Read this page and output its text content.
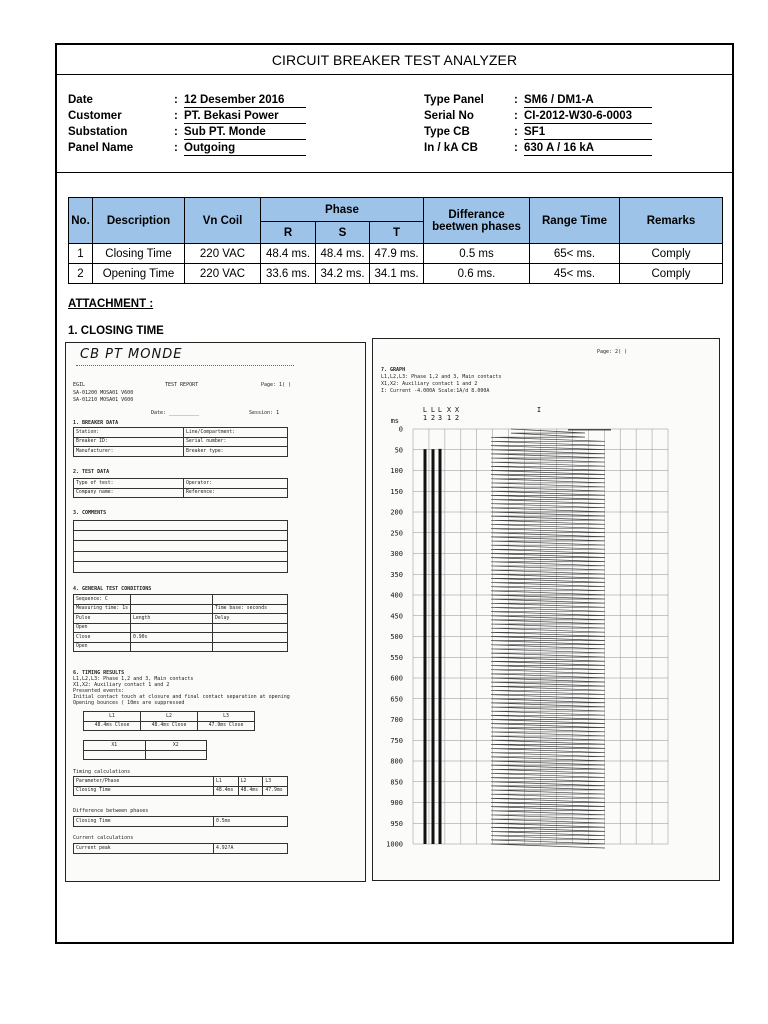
CIRCUIT BREAKER TEST ANALYZER
Date	: 12 Desember 2016
Customer	: PT. Bekasi Power
Substation	: Sub PT. Monde
Panel Name	: Outgoing
Type Panel	: SM6 / DM1-A
Serial No	: CI-2012-W30-6-0003
Type CB	: SF1
In / kA CB	: 630 A / 16 kA
No.	Description	Vn Coil	Phase			Differance beetwen phases	Range Time	Remarks
			R	S	T			
1	Closing Time	220 VAC	48.4 ms.	48.4 ms.	47.9 ms.	0.5 ms	65< ms.	Comply
2	Opening Time	220 VAC	33.6 ms.	34.2 ms.	34.1 ms.	0.6 ms.	45< ms.	Comply
ATTACHMENT :
1. CLOSING TIME
CB PT MONDE
EGIL	TEST REPORT	Page: 1( )
SA-01200 MOSA01 V600
SA-01210 MOSA01 V600
Date: __________	Session: 1
1. BREAKER DATA
Station:	Line/Compartment:
Breaker ID:	Serial number:
Manufacturer:	Breaker type:
2. TEST DATA
Type of test:	Operator:
Company name:	Reference:
3. COMMENTS
4. GENERAL TEST CONDITIONS
Sequence: C		
Measuring time: 1s		Time base: seconds
Pulse	Length	Delay
Open		
Close	0.90s	
Open		
6. TIMING RESULTS
L1,L2,L3: Phase 1,2 and 3, Main contacts
X1,X2: Auxiliary contact 1 and 2
Presented events:
Initial contact touch at closure and final contact separation at opening
Opening bounces ( 10ms are suppressed
L1	L2	L3
48.4ms Close	48.4ms Close	47.9ms Close
X1	X2

Timing calculations
Parameter/Phase	L1	L2	L3
Closing Time	48.4ms	48.4ms	47.9ms
Difference between phases
Closing Time	0.5ms
Current calculations
Current peak	4.92?A
Page: 2( )
7. GRAPH
L1,L2,L3: Phase 1,2 and 3, Main contacts
X1,X2: Auxiliary contact 1 and 2
I: Current -4.000A Scale:1A/d 8.000A
0
50
100
150
200
250
300
350
400
450
500
550
600
650
700
750
800
850
900
950
1000
ms
L L L X X	I
1 2 3 1 2
